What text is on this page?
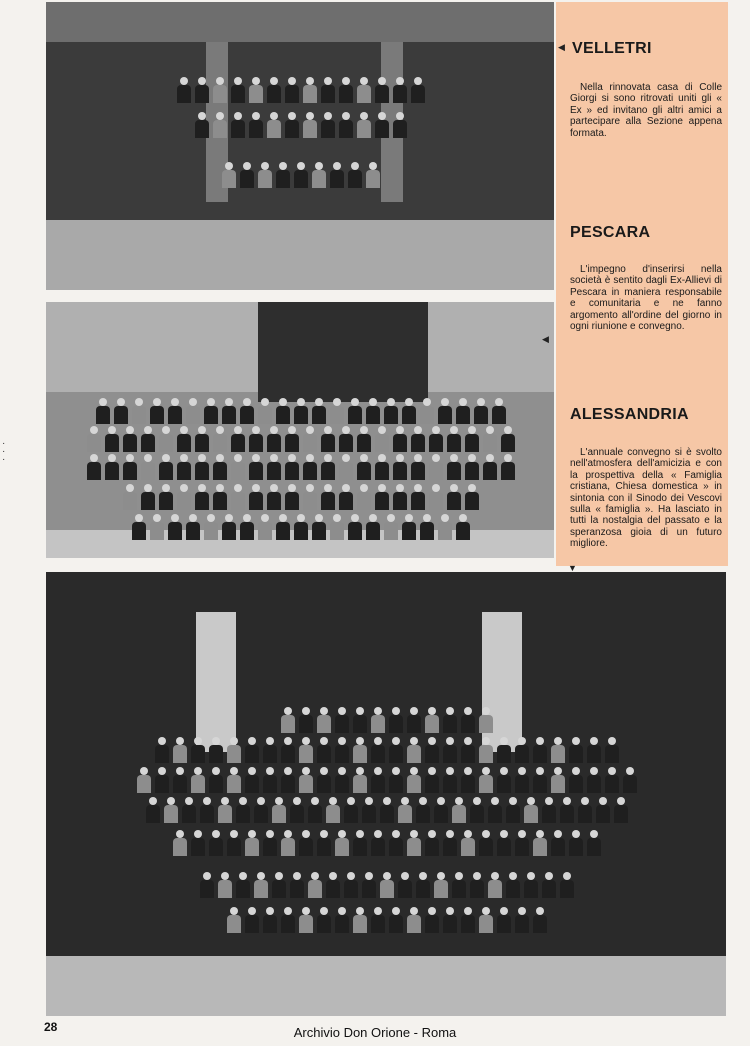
◀ VELLETRI

Nella rinnovata casa di Colle Giorgi si sono ritrovati uniti gli « Ex » ed invitano gli altri amici a partecipare alla Sezione appena formata.

PESCARA

L'impegno d'inserirsi nella società è sentito dagli Ex-Allievi di Pescara in maniera responsabile e comunitaria e ne fanno argomento all'ordine del giorno in ogni riunione e convegno.

◀
ALESSANDRIA

L'annuale convegno si è svolto nell'atmosfera dell'amicizia e con la prospettiva della « Famiglia cristiana, Chiesa domestica » in sintonia con il Sinodo dei Vescovi sulla « famiglia ». Ha lasciato in tutti la nostalgia del passato e la speranzosa gioia di un futuro migliore.

▼
·
·
·
28	Archivio Don Orione - Roma
